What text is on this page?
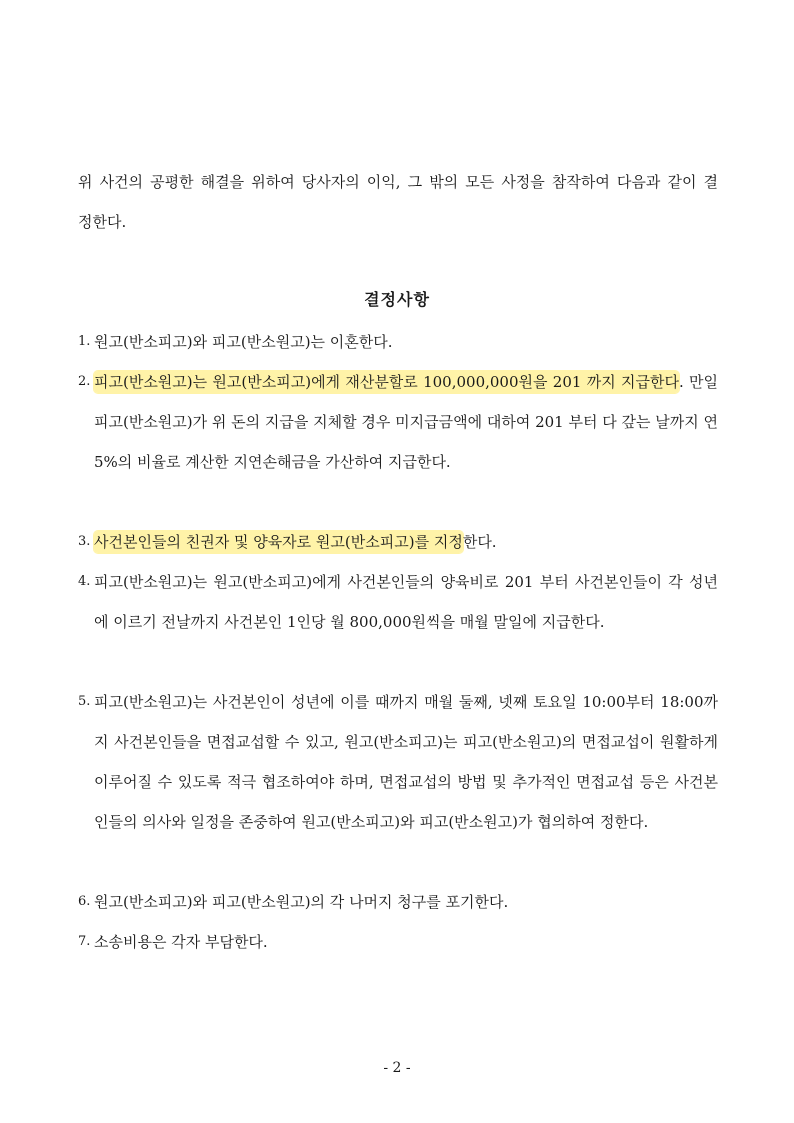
위 사건의 공평한 해결을 위하여 당사자의 이익, 그 밖의 모든 사정을 참작하여 다음과 같이 결정한다.
결정사항
1. 원고(반소피고)와 피고(반소원고)는 이혼한다.
2. 피고(반소원고)는 원고(반소피고)에게 재산분할로 100,000,000원을 201 까지 지급한다. 만일 피고(반소원고)가 위 돈의 지급을 지체할 경우 미지급금액에 대하여 201 부터 다 갚는 날까지 연 5%의 비율로 계산한 지연손해금을 가산하여 지급한다.
3. 사건본인들의 친권자 및 양육자로 원고(반소피고)를 지정한다.
4. 피고(반소원고)는 원고(반소피고)에게 사건본인들의 양육비로 201 부터 사건본인들이 각 성년에 이르기 전날까지 사건본인 1인당 월 800,000원씩을 매월 말일에 지급한다.
5. 피고(반소원고)는 사건본인이 성년에 이를 때까지 매월 둘째, 넷째 토요일 10:00부터 18:00까지 사건본인들을 면접교섭할 수 있고, 원고(반소피고)는 피고(반소원고)의 면접교섭이 원활하게 이루어질 수 있도록 적극 협조하여야 하며, 면접교섭의 방법 및 추가적인 면접교섭 등은 사건본인들의 의사와 일정을 존중하여 원고(반소피고)와 피고(반소원고)가 협의하여 정한다.
6. 원고(반소피고)와 피고(반소원고)의 각 나머지 청구를 포기한다.
7. 소송비용은 각자 부담한다.
- 2 -
